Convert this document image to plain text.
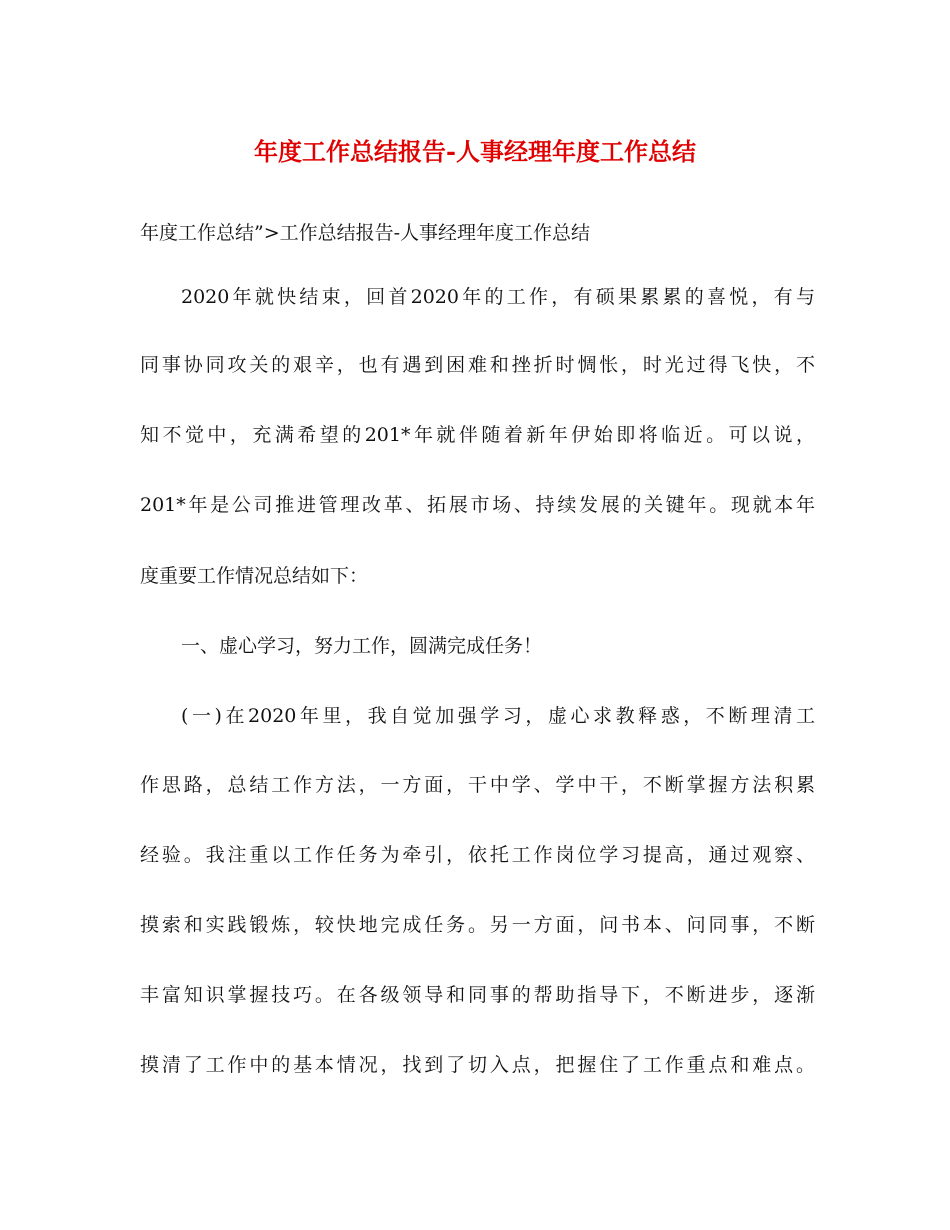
年度工作总结报告-人事经理年度工作总结
年度工作总结”>工作总结报告-人事经理年度工作总结
2020年就快结束，回首2020年的工作，有硕果累累的喜悦，有与
同事协同攻关的艰辛，也有遇到困难和挫折时惆怅，时光过得飞快，不
知不觉中，充满希望的201*年就伴随着新年伊始即将临近。可以说，
201*年是公司推进管理改革、拓展市场、持续发展的关键年。现就本年
度重要工作情况总结如下：
一、虚心学习，努力工作，圆满完成任务！
(一)在2020年里，我自觉加强学习，虚心求教释惑，不断理清工
作思路，总结工作方法，一方面，干中学、学中干，不断掌握方法积累
经验。我注重以工作任务为牵引，依托工作岗位学习提高，通过观察、
摸索和实践锻炼，较快地完成任务。另一方面，问书本、问同事，不断
丰富知识掌握技巧。在各级领导和同事的帮助指导下，不断进步，逐渐
摸清了工作中的基本情况，找到了切入点，把握住了工作重点和难点。
